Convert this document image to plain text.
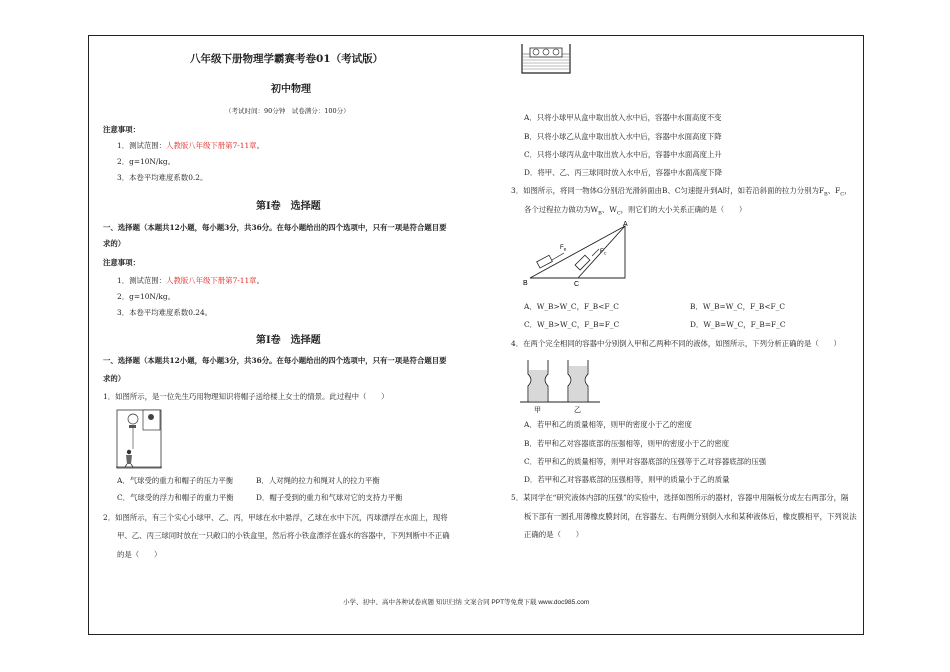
八年级下册物理学霸赛考卷01（考试版）
初中物理
（考试时间：90分钟　试卷满分：100分）
注意事项：
1．测试范围：人教版八年级下册第7-11章。
2．g=10N/kg。
3．本卷平均难度系数0.2。
第Ⅰ卷　选择题
一、选择题（本题共12小题，每小题3分，共36分。在每小题给出的四个选项中，只有一项是符合题目要
求的）
注意事项：
1．测试范围：人教版八年级下册第7-11章。
2．g=10N/kg。
3．本卷平均难度系数0.24。
第Ⅰ卷　选择题
一、选择题（本题共12小题，每小题3分，共36分。在每小题给出的四个选项中，只有一项是符合题目要
求的）
1．如图所示，是一位先生巧用物理知识将帽子送给楼上女士的情景。此过程中（　　）
A．气球受的重力和帽子的压力平衡	B．人对绳的拉力和绳对人的拉力平衡
C．气球受的浮力和帽子的重力平衡	D．帽子受到的重力和气球对它的支持力平衡
2．如图所示，有三个实心小球甲、乙、丙，甲球在水中悬浮，乙球在水中下沉，丙球漂浮在水面上，现将
甲、乙、丙三球同时放在一只敞口的小铁盒里，然后将小铁盒漂浮在盛水的容器中，下列判断中不正确
的是（　　）
A．只将小球甲从盒中取出放入水中后，容器中水面高度不变
B．只将小球乙从盒中取出放入水中后，容器中水面高度下降
C．只将小球丙从盒中取出放入水中后，容器中水面高度上升
D．将甲、乙、丙三球同时放入水中后，容器中水面高度下降
3．如图所示，将同一物体G分别沿光滑斜面由B、C匀速提升到A时，如若沿斜面的拉力分别为$F_B$、$F_C$，
各个过程拉力做功为$W_B$、$W_C$，则它们的大小关系正确的是（　　）
A
B	C
$F_B$	$F_C$
A．W_B>W_C，F_B<F_C	B．W_B=W_C，F_B<F_C
C．W_B>W_C，F_B=F_C	D．W_B=W_C，F_B=F_C
4．在两个完全相同的容器中分别倒入甲和乙两种不同的液体，如图所示，下列分析正确的是（　　）
甲	乙
A．若甲和乙的质量相等，则甲的密度小于乙的密度
B．若甲和乙对容器底部的压强相等，则甲的密度小于乙的密度
C．若甲和乙的质量相等，则甲对容器底部的压强等于乙对容器底部的压强
D．若甲和乙对容器底部的压强相等，则甲的质量小于乙的质量
5．某同学在“研究液体内部的压强”的实验中，选择如图所示的器材，容器中用隔板分成左右两部分，隔
板下部有一圆孔用薄橡皮膜封闭，在容器左、右两侧分别倒入水和某种液体后，橡皮膜相平，下列说法
正确的是（　　）
小学、初中、高中各种试卷真题 知识归纳 文案合同 PPT等免费下载 www.doc985.com
